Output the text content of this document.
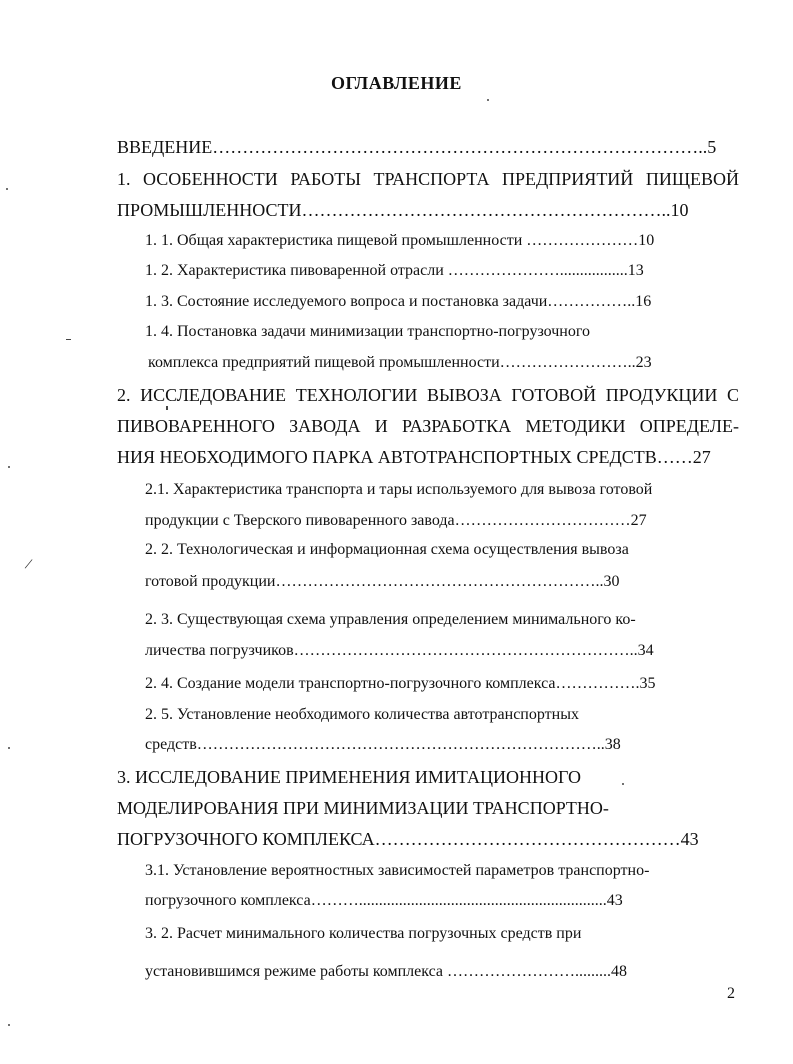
ОГЛАВЛЕНИЕ
ВВЕДЕНИЕ………………………………………………………………………..5
1. ОСОБЕННОСТИ РАБОТЫ ТРАНСПОРТА ПРЕДПРИЯТИЙ ПИЩЕВОЙ
ПРОМЫШЛЕННОСТИ……………………………………………………..10
1. 1. Общая характеристика пищевой промышленности …………………10
1. 2. Характеристика пивоваренной отрасли ………………….................13
1. 3. Состояние исследуемого вопроса и постановка задачи……………..16
1. 4. Постановка задачи минимизации транспортно-погрузочного
комплекса предприятий пищевой промышленности……………………..23
2. ИССЛЕДОВАНИЕ ТЕХНОЛОГИИ ВЫВОЗА ГОТОВОЙ ПРОДУКЦИИ С
ПИВОВАРЕННОГО ЗАВОДА И РАЗРАБОТКА МЕТОДИКИ ОПРЕДЕЛЕ-
НИЯ НЕОБХОДИМОГО ПАРКА АВТОТРАНСПОРТНЫХ СРЕДСТВ……27
2.1. Характеристика транспорта и тары используемого для вывоза готовой
продукции с Тверского пивоваренного завода……………………………27
2. 2. Технологическая и информационная схема осуществления вывоза
готовой продукции……………………………………………………..30
2. 3. Существующая схема управления определением минимального ко-
личества погрузчиков………………………………………………………..34
2. 4. Создание модели транспортно-погрузочного комплекса…………….35
2. 5. Установление необходимого количества автотранспортных
средств…………………………………………………………………..38
3. ИССЛЕДОВАНИЕ ПРИМЕНЕНИЯ ИМИТАЦИОННОГО
МОДЕЛИРОВАНИЯ ПРИ МИНИМИЗАЦИИ ТРАНСПОРТНО-
ПОГРУЗОЧНОГО КОМПЛЕКСА……………………………………………43
3.1. Установление вероятностных зависимостей параметров транспортно-
погрузочного комплекса………..............................................................43
3. 2. Расчет минимального количества погрузочных средств при
установившимся режиме работы комплекса …………………….........48
2
/
